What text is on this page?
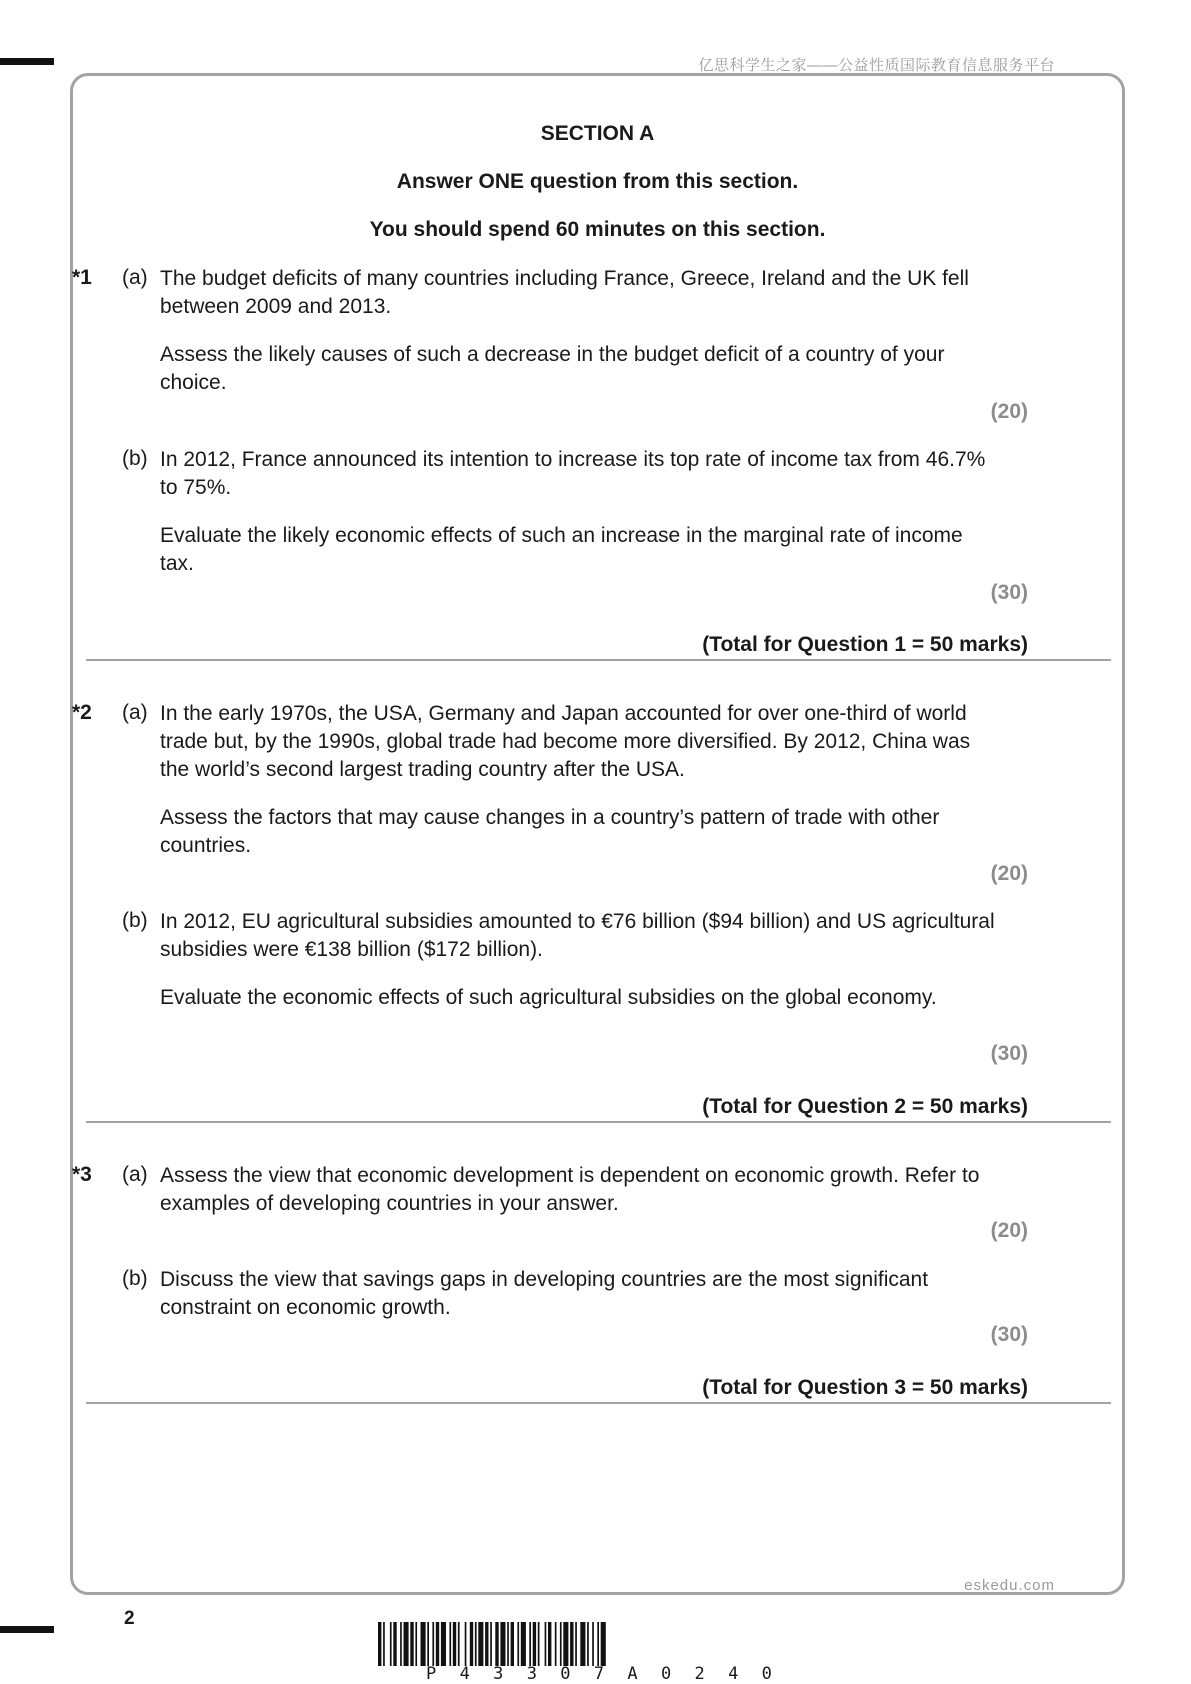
亿思科学生之家——公益性质国际教育信息服务平台
SECTION A
Answer ONE question from this section.
You should spend 60 minutes on this section.
*1 (a) The budget deficits of many countries including France, Greece, Ireland and the UK fell between 2009 and 2013.

Assess the likely causes of such a decrease in the budget deficit of a country of your choice.

(20)
(b) In 2012, France announced its intention to increase its top rate of income tax from 46.7% to 75%.

Evaluate the likely economic effects of such an increase in the marginal rate of income tax.

(30)
(Total for Question 1 = 50 marks)
*2 (a) In the early 1970s, the USA, Germany and Japan accounted for over one-third of world trade but, by the 1990s, global trade had become more diversified. By 2012, China was the world’s second largest trading country after the USA.

Assess the factors that may cause changes in a country’s pattern of trade with other countries.

(20)
(b) In 2012, EU agricultural subsidies amounted to €76 billion ($94 billion) and US agricultural subsidies were €138 billion ($172 billion).

Evaluate the economic effects of such agricultural subsidies on the global economy.

(30)
(Total for Question 2 = 50 marks)
*3 (a) Assess the view that economic development is dependent on economic growth. Refer to examples of developing countries in your answer.

(20)
(b) Discuss the view that savings gaps in developing countries are the most significant constraint on economic growth.

(30)
(Total for Question 3 = 50 marks)
eskedu.com
2
P 4 3 3 0 7 A 0 2 4 0
